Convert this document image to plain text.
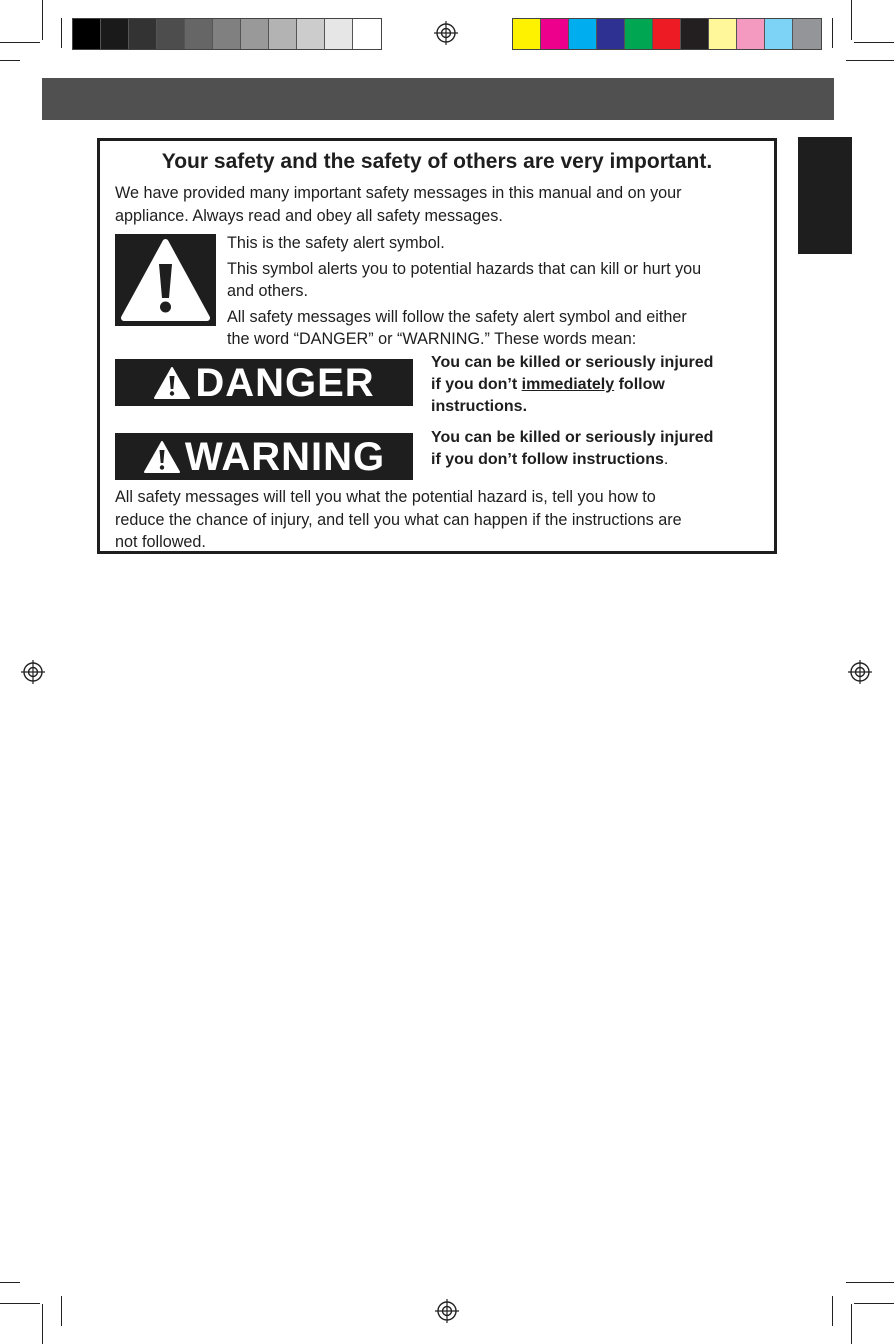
Your safety and the safety of others are very important.
We have provided many important safety messages in this manual and on your
appliance. Always read and obey all safety messages.
This is the safety alert symbol.
This symbol alerts you to potential hazards that can kill or hurt you
and others.
All safety messages will follow the safety alert symbol and either
the word “DANGER” or “WARNING.” These words mean:
DANGER	You can be killed or seriously injured
if you don’t immediately follow
instructions.
WARNING	You can be killed or seriously injured
if you don’t follow instructions.
All safety messages will tell you what the potential hazard is, tell you how to
reduce the chance of injury, and tell you what can happen if the instructions are
not followed.
